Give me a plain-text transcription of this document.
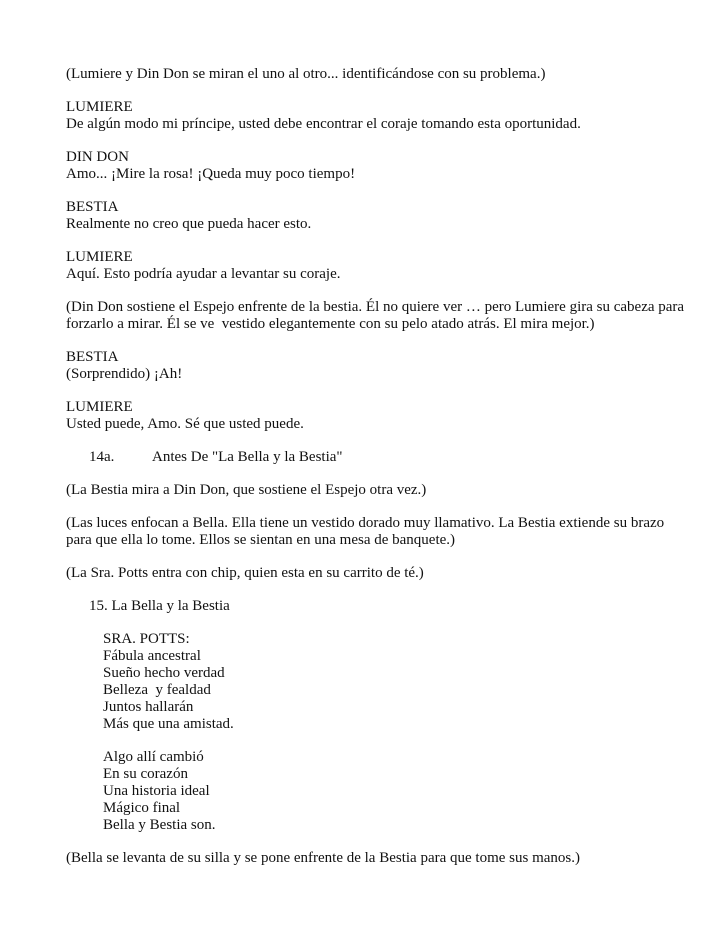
(Lumiere y Din Don se miran el uno al otro... identificándose con su problema.)
LUMIERE
De algún modo mi príncipe, usted debe encontrar el coraje tomando esta oportunidad.
DIN DON
Amo... ¡Mire la rosa! ¡Queda muy poco tiempo!
BESTIA
Realmente no creo que pueda hacer esto.
LUMIERE
Aquí. Esto podría ayudar a levantar su coraje.
(Din Don sostiene el Espejo enfrente de la bestia. Él no quiere ver … pero Lumiere gira su cabeza para
forzarlo a mirar. Él se ve  vestido elegantemente con su pelo atado atrás. El mira mejor.)
BESTIA
(Sorprendido) ¡Ah!
LUMIERE
Usted puede, Amo. Sé que usted puede.
14a.	Antes De "La Bella y la Bestia"
(La Bestia mira a Din Don, que sostiene el Espejo otra vez.)
(Las luces enfocan a Bella. Ella tiene un vestido dorado muy llamativo. La Bestia extiende su brazo
para que ella lo tome. Ellos se sientan en una mesa de banquete.)
(La Sra. Potts entra con chip, quien esta en su carrito de té.)
15. La Bella y la Bestia
SRA. POTTS:
Fábula ancestral
Sueño hecho verdad
Belleza  y fealdad
Juntos hallarán
Más que una amistad.
Algo allí cambió
En su corazón
Una historia ideal
Mágico final
Bella y Bestia son.
(Bella se levanta de su silla y se pone enfrente de la Bestia para que tome sus manos.)
